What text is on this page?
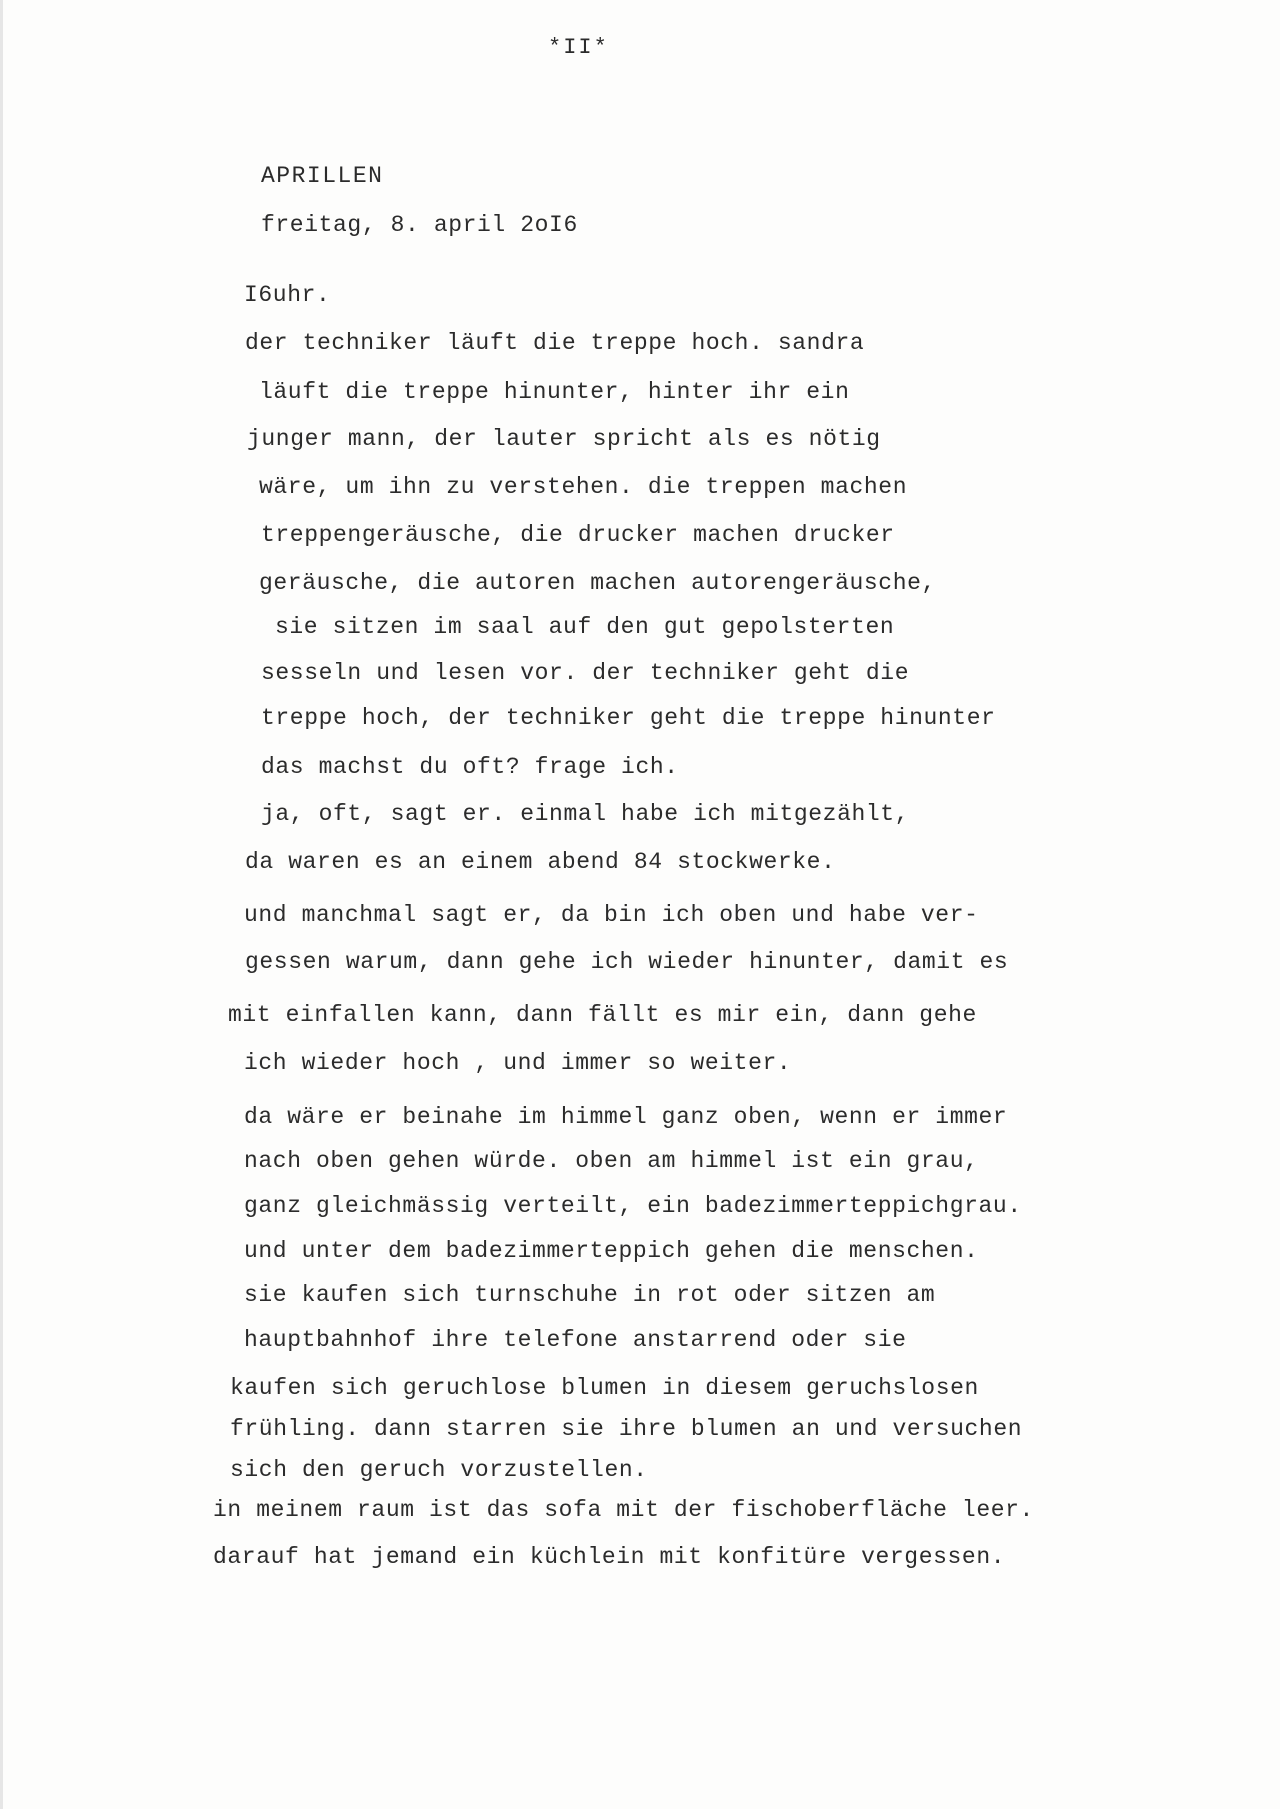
*II*
APRILLEN
freitag, 8. april 2oI6
I6uhr.
der techniker läuft die treppe hoch. sandra
läuft die treppe hinunter, hinter ihr ein
junger mann, der lauter spricht als es nötig
wäre, um ihn zu verstehen. die treppen machen
treppengeräusche, die drucker machen drucker
geräusche, die autoren machen autorengeräusche,
sie sitzen im saal auf den gut gepolsterten
sesseln und lesen vor. der techniker geht die
treppe hoch, der techniker geht die treppe hinunter
das machst du oft? frage ich.
ja, oft, sagt er. einmal habe ich mitgezählt,
da waren es an einem abend 84 stockwerke.
und manchmal sagt er, da bin ich oben und habe ver-
gessen warum, dann gehe ich wieder hinunter, damit es
mit einfallen kann, dann fällt es mir ein, dann gehe
ich wieder hoch , und immer so weiter.
da wäre er beinahe im himmel ganz oben, wenn er immer
nach oben gehen würde. oben am himmel ist ein grau,
ganz gleichmässig verteilt, ein badezimmerteppichgrau.
und unter dem badezimmerteppich gehen die menschen.
sie kaufen sich turnschuhe in rot oder sitzen am
hauptbahnhof ihre telefone anstarrend oder sie
kaufen sich geruchlose blumen in diesem geruchslosen
frühling. dann starren sie ihre blumen an und versuchen
sich den geruch vorzustellen.
in meinem raum ist das sofa mit der fischoberfläche leer.
darauf hat jemand ein küchlein mit konfitüre vergessen.
